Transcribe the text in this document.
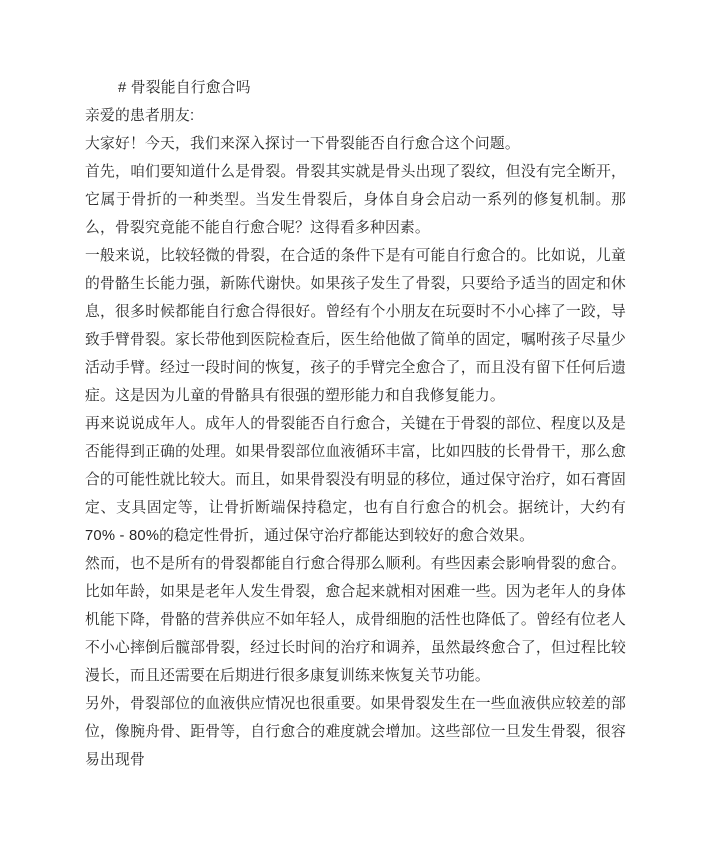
# 骨裂能自行愈合吗

亲爱的患者朋友:

大家好！今天，我们来深入探讨一下骨裂能否自行愈合这个问题。

首先，咱们要知道什么是骨裂。骨裂其实就是骨头出现了裂纹，但没有完全断开，它属于骨折的一种类型。当发生骨裂后，身体自身会启动一系列的修复机制。那么，骨裂究竟能不能自行愈合呢？这得看多种因素。

一般来说，比较轻微的骨裂，在合适的条件下是有可能自行愈合的。比如说，儿童的骨骼生长能力强，新陈代谢快。如果孩子发生了骨裂，只要给予适当的固定和休息，很多时候都能自行愈合得很好。曾经有个小朋友在玩耍时不小心摔了一跤，导致手臂骨裂。家长带他到医院检查后，医生给他做了简单的固定，嘱咐孩子尽量少活动手臂。经过一段时间的恢复，孩子的手臂完全愈合了，而且没有留下任何后遗症。这是因为儿童的骨骼具有很强的塑形能力和自我修复能力。

再来说说成年人。成年人的骨裂能否自行愈合，关键在于骨裂的部位、程度以及是否能得到正确的处理。如果骨裂部位血液循环丰富，比如四肢的长骨骨干，那么愈合的可能性就比较大。而且，如果骨裂没有明显的移位，通过保守治疗，如石膏固定、支具固定等，让骨折断端保持稳定，也有自行愈合的机会。据统计，大约有 70% - 80%的稳定性骨折，通过保守治疗都能达到较好的愈合效果。

然而，也不是所有的骨裂都能自行愈合得那么顺利。有些因素会影响骨裂的愈合。比如年龄，如果是老年人发生骨裂，愈合起来就相对困难一些。因为老年人的身体机能下降，骨骼的营养供应不如年轻人，成骨细胞的活性也降低了。曾经有位老人不小心摔倒后髋部骨裂，经过长时间的治疗和调养，虽然最终愈合了，但过程比较漫长，而且还需要在后期进行很多康复训练来恢复关节功能。

另外，骨裂部位的血液供应情况也很重要。如果骨裂发生在一些血液供应较差的部位，像腕舟骨、距骨等，自行愈合的难度就会增加。这些部位一旦发生骨裂，很容易出现骨
